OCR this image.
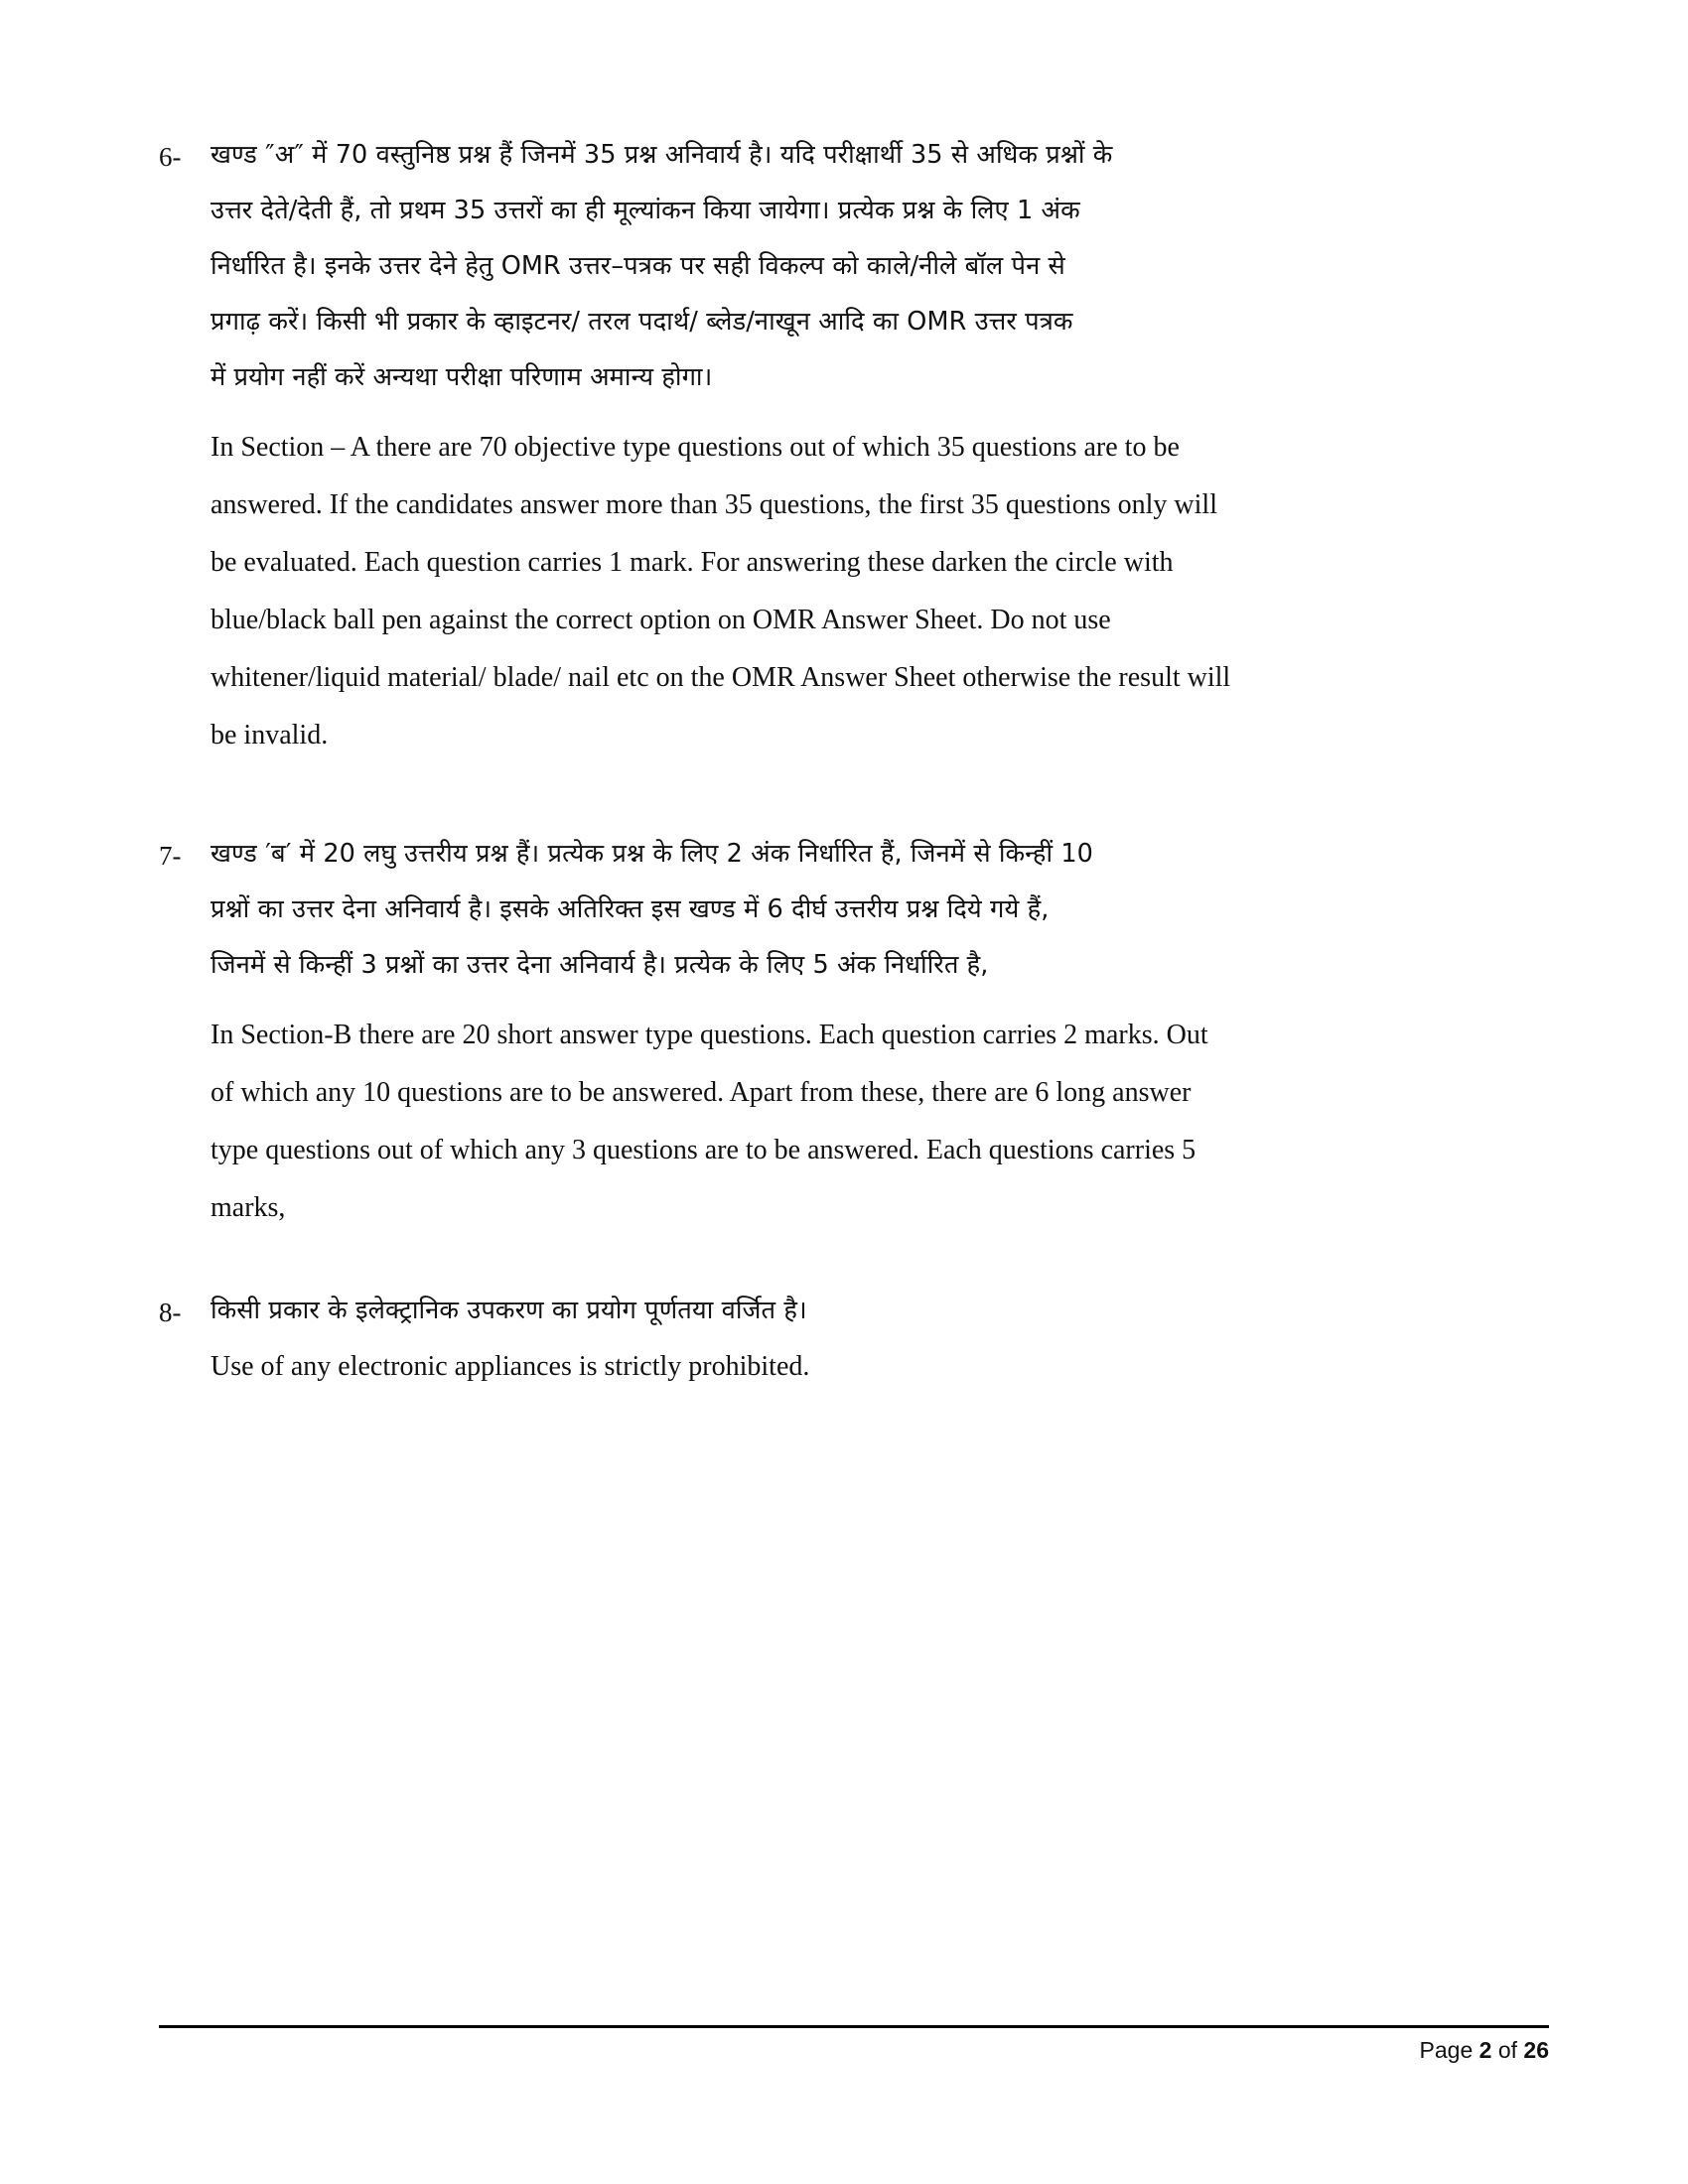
6-	खण्ड ″अ″ में 70 वस्तुनिष्ठ प्रश्न हैं जिनमें 35 प्रश्न अनिवार्य है। यदि परीक्षार्थी 35 से अधिक प्रश्नों के
उत्तर देते/देती हैं, तो प्रथम 35 उत्तरों का ही मूल्यांकन किया जायेगा। प्रत्येक प्रश्न के लिए 1 अंक
निर्धारित है। इनके उत्तर देने हेतु OMR उत्तर–पत्रक पर सही विकल्प को काले/नीले बॉल पेन से
प्रगाढ़ करें। किसी भी प्रकार के व्हाइटनर/ तरल पदार्थ/ ब्लेड/नाखून आदि का OMR उत्तर पत्रक
में प्रयोग नहीं करें अन्यथा परीक्षा परिणाम अमान्य होगा।

In Section – A there are 70 objective type questions out of which 35 questions are to be
answered. If the candidates answer more than 35 questions, the first 35 questions only will
be evaluated. Each question carries 1 mark. For answering these darken the circle with
blue/black ball pen against the correct option on OMR Answer Sheet. Do not use
whitener/liquid material/ blade/ nail etc on the OMR Answer Sheet otherwise the result will
be invalid.

7-	खण्ड ′ब′ में 20 लघु उत्तरीय प्रश्न हैं। प्रत्येक प्रश्न के लिए 2 अंक निर्धारित हैं, जिनमें से किन्हीं 10
प्रश्नों का उत्तर देना अनिवार्य है। इसके अतिरिक्त इस खण्ड में 6 दीर्घ उत्तरीय प्रश्न दिये गये हैं,
जिनमें से किन्हीं 3 प्रश्नों का उत्तर देना अनिवार्य है। प्रत्येक के लिए 5 अंक निर्धारित है,

In Section-B there are 20 short answer type questions. Each question carries 2 marks. Out
of which any 10 questions are to be answered. Apart from these, there are 6 long answer
type questions out of which any 3 questions are to be answered. Each questions carries 5
marks,

8-	किसी प्रकार के इलेक्ट्रानिक उपकरण का प्रयोग पूर्णतया वर्जित है।

Use of any electronic appliances is strictly prohibited.

Page 2 of 26
